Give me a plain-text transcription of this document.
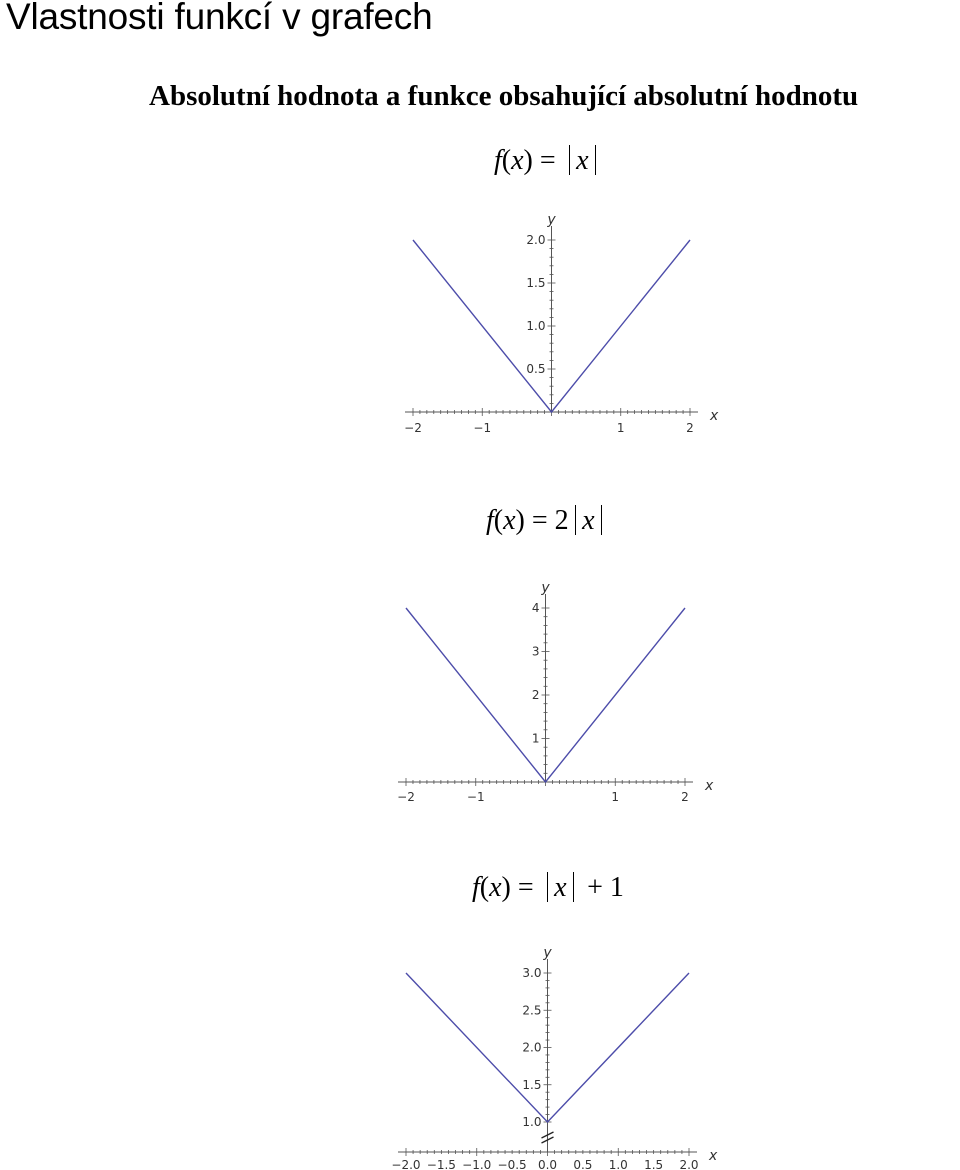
Vlastnosti funkcí v grafech
Absolutní hodnota a funkce obsahující absolutní hodnotu
f(x) = x
f(x) = 2 x
f(x) = x + 1
−2	−1	1	2
0.5
1.0
1.5
2.0
x
y
−2	−1	1	2
1
2
3
4
x
y
−2.0 −1.5 −1.0 −0.5 0.0 0.5 1.0 1.5 2.0
1.0
1.5
2.0
2.5
3.0
x
y
